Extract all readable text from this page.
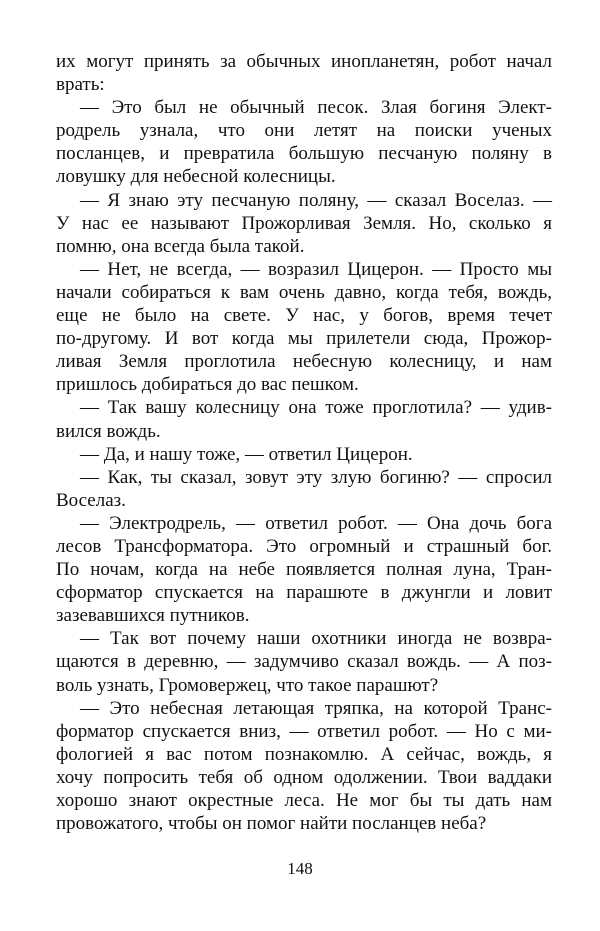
их могут принять за обычных инопланетян, робот начал
врать:
— Это был не обычный песок. Злая богиня Элект-
родрель узнала, что они летят на поиски ученых
посланцев, и превратила большую песчаную поляну в
ловушку для небесной колесницы.
— Я знаю эту песчаную поляну, — сказал Воселаз. —
У нас ее называют Прожорливая Земля. Но, сколько я
помню, она всегда была такой.
— Нет, не всегда, — возразил Цицерон. — Просто мы
начали собираться к вам очень давно, когда тебя, вождь,
еще не было на свете. У нас, у богов, время течет
по-другому. И вот когда мы прилетели сюда, Прожор-
ливая Земля проглотила небесную колесницу, и нам
пришлось добираться до вас пешком.
— Так вашу колесницу она тоже проглотила? — удив-
вился вождь.
— Да, и нашу тоже, — ответил Цицерон.
— Как, ты сказал, зовут эту злую богиню? — спросил
Воселаз.
— Электродрель, — ответил робот. — Она дочь бога
лесов Трансформатора. Это огромный и страшный бог.
По ночам, когда на небе появляется полная луна, Тран-
сформатор спускается на парашюте в джунгли и ловит
зазевавшихся путников.
— Так вот почему наши охотники иногда не возвра-
щаются в деревню, — задумчиво сказал вождь. — А поз-
воль узнать, Громовержец, что такое парашют?
— Это небесная летающая тряпка, на которой Транс-
форматор спускается вниз, — ответил робот. — Но с ми-
фологией я вас потом познакомлю. А сейчас, вождь, я
хочу попросить тебя об одном одолжении. Твои ваддаки
хорошо знают окрестные леса. Не мог бы ты дать нам
провожатого, чтобы он помог найти посланцев неба?
148
